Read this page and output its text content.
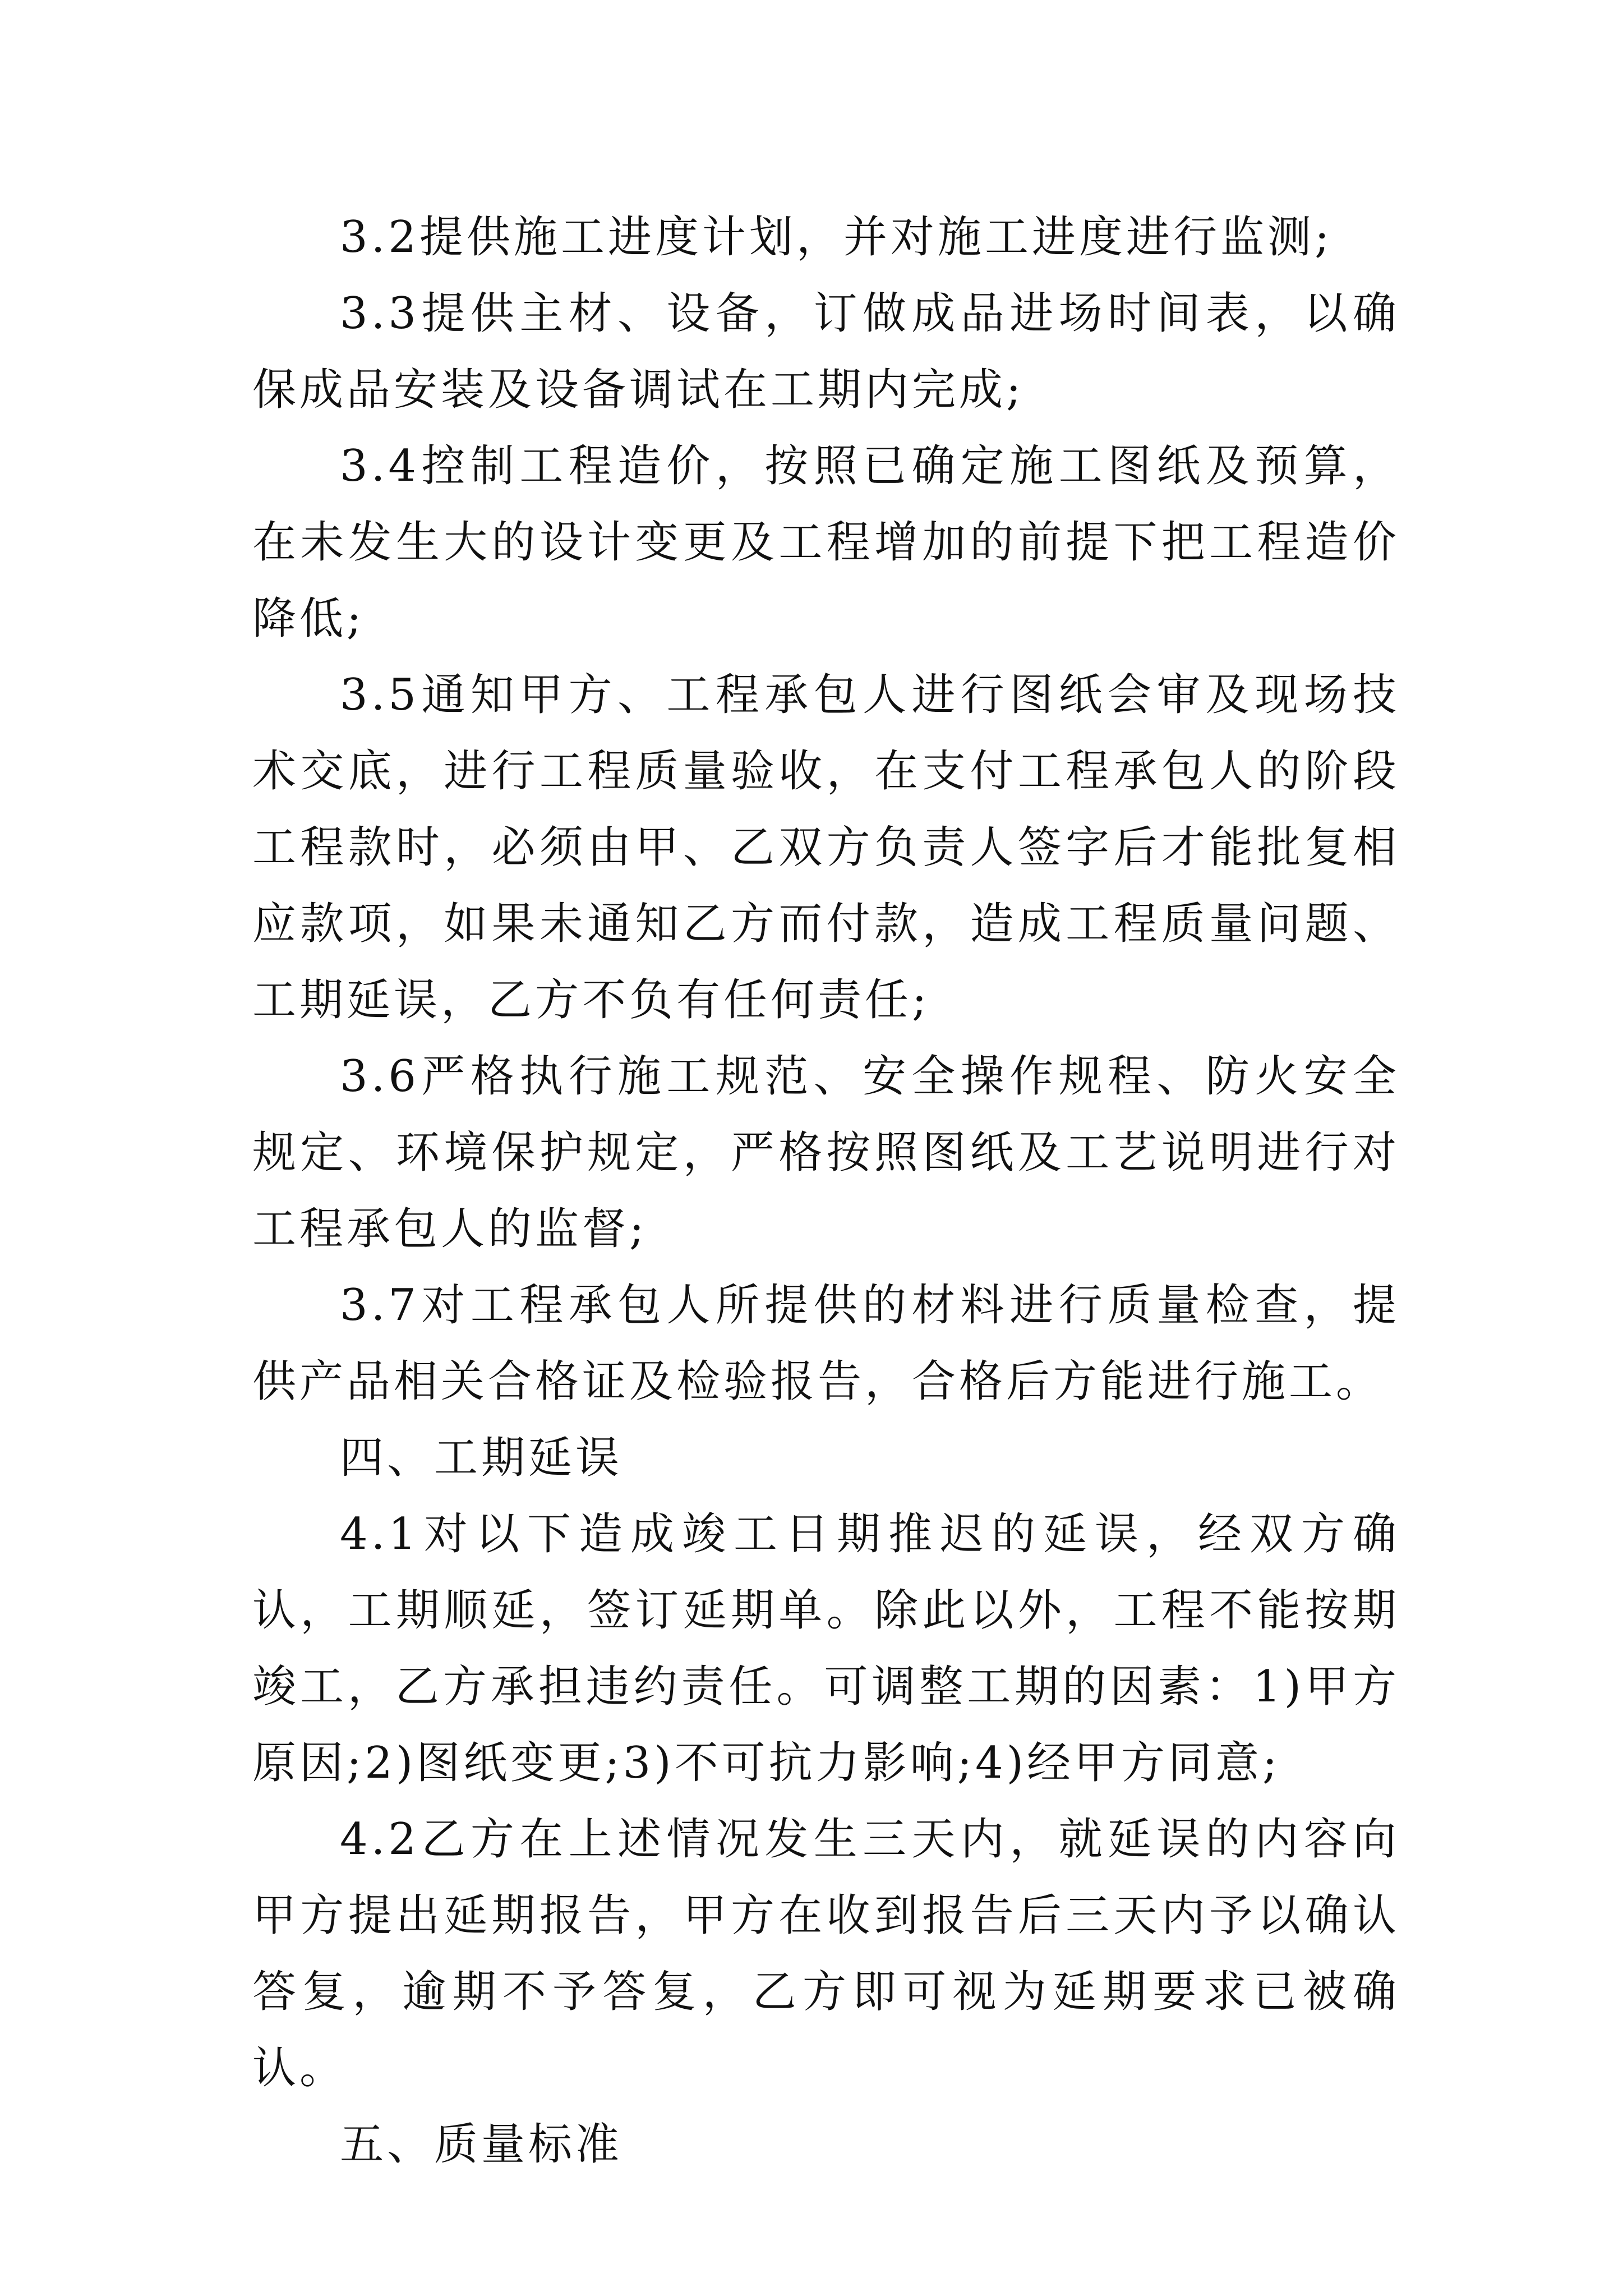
3.2提供施工进度计划，并对施工进度进行监测;

3.3提供主材、设备，订做成品进场时间表，以确保成品安装及设备调试在工期内完成;

3.4控制工程造价，按照已确定施工图纸及预算，在未发生大的设计变更及工程增加的前提下把工程造价降低;

3.5通知甲方、工程承包人进行图纸会审及现场技术交底，进行工程质量验收，在支付工程承包人的阶段工程款时，必须由甲、乙双方负责人签字后才能批复相应款项，如果未通知乙方而付款，造成工程质量问题、工期延误，乙方不负有任何责任;

3.6严格执行施工规范、安全操作规程、防火安全规定、环境保护规定，严格按照图纸及工艺说明进行对工程承包人的监督;

3.7对工程承包人所提供的材料进行质量检查，提供产品相关合格证及检验报告，合格后方能进行施工。

四、工期延误

4.1对以下造成竣工日期推迟的延误，经双方确认，工期顺延，签订延期单。除此以外，工程不能按期竣工，乙方承担违约责任。可调整工期的因素：1)甲方原因;2)图纸变更;3)不可抗力影响;4)经甲方同意;

4.2乙方在上述情况发生三天内，就延误的内容向甲方提出延期报告，甲方在收到报告后三天内予以确认答复，逾期不予答复，乙方即可视为延期要求已被确认。

五、质量标准
